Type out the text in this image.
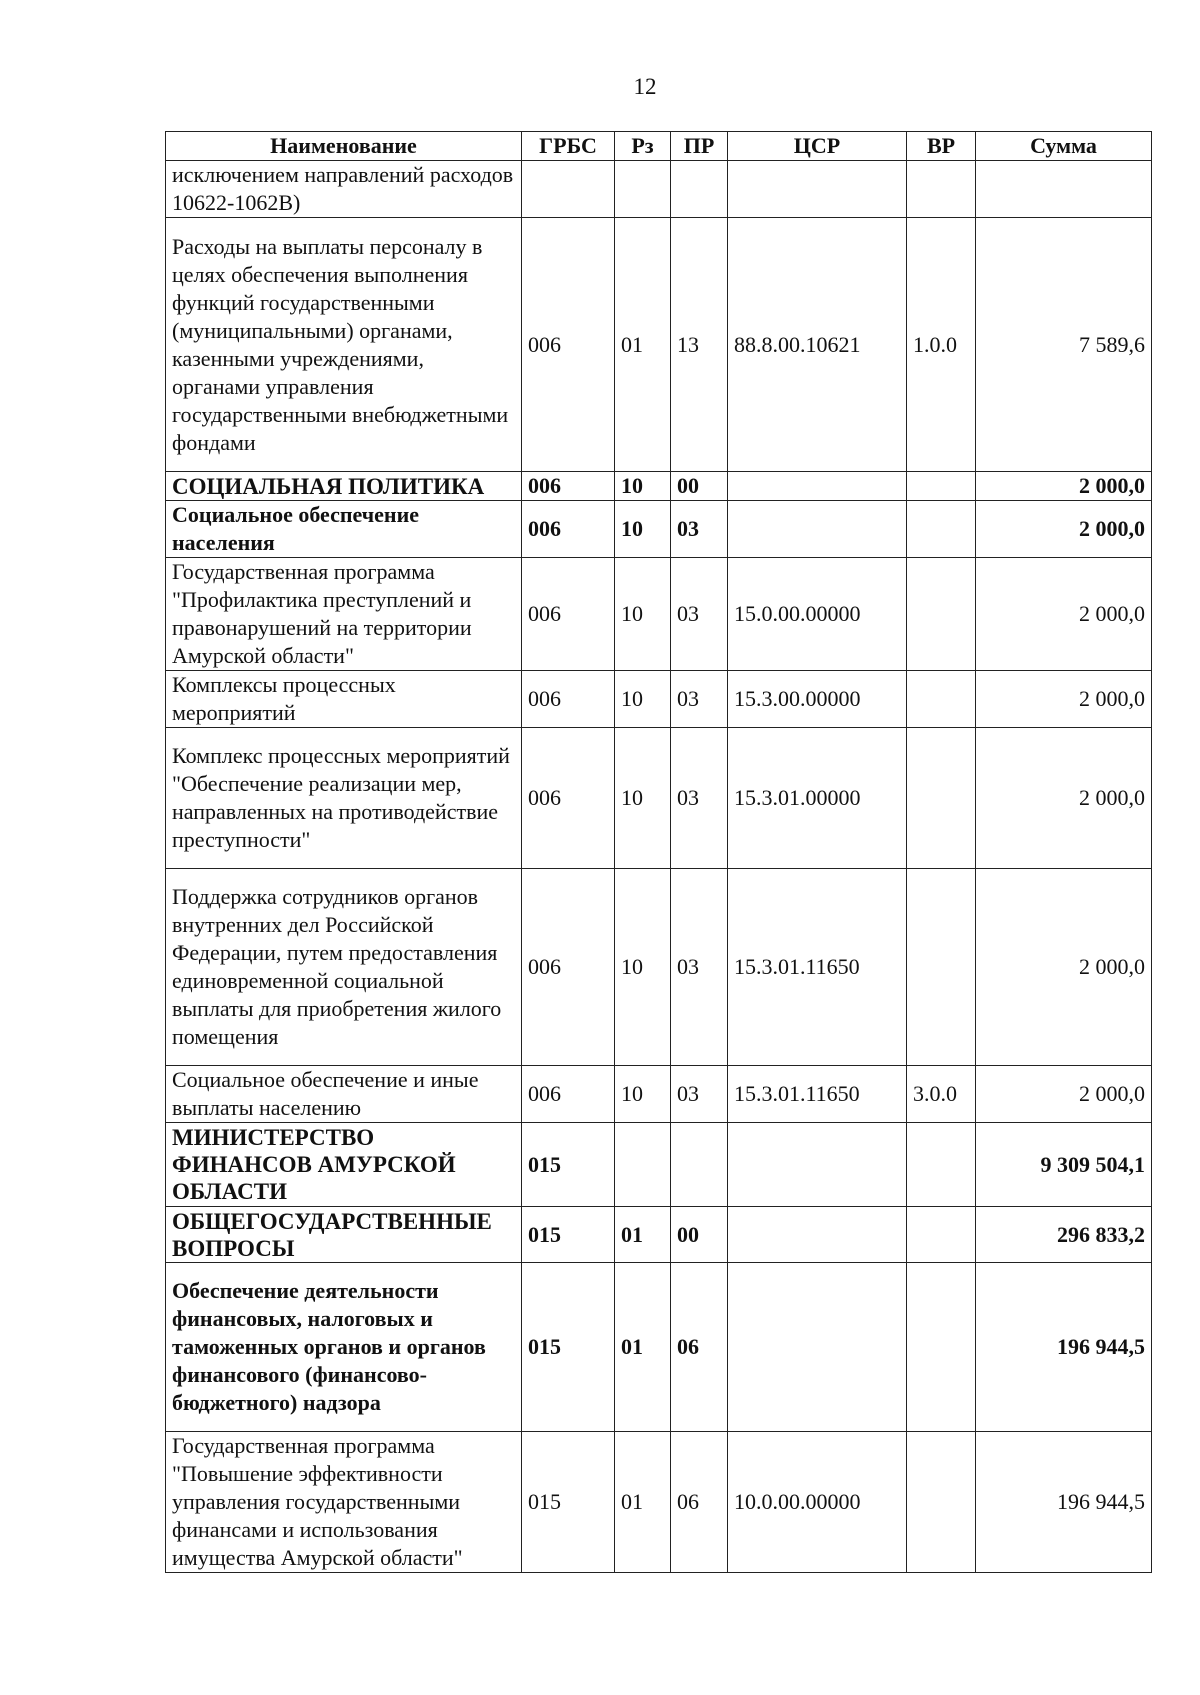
12
Наименование	ГРБС	Рз	ПР	ЦСР	ВР	Сумма
исключением направлений расходов 10622-1062В)						
Расходы на выплаты персоналу в целях обеспечения выполнения функций государственными (муниципальными) органами, казенными учреждениями, органами управления государственными внебюджетными фондами	006	01	13	88.8.00.10621	1.0.0	7 589,6
СОЦИАЛЬНАЯ ПОЛИТИКА	006	10	00			2 000,0
Социальное обеспечение населения	006	10	03			2 000,0
Государственная программа "Профилактика преступлений и правонарушений на территории Амурской области"	006	10	03	15.0.00.00000		2 000,0
Комплексы процессных мероприятий	006	10	03	15.3.00.00000		2 000,0
Комплекс процессных мероприятий "Обеспечение реализации мер, направленных на противодействие преступности"	006	10	03	15.3.01.00000		2 000,0
Поддержка сотрудников органов внутренних дел Российской Федерации, путем предоставления единовременной социальной выплаты для приобретения жилого помещения	006	10	03	15.3.01.11650		2 000,0
Социальное обеспечение и иные выплаты населению	006	10	03	15.3.01.11650	3.0.0	2 000,0
МИНИСТЕРСТВО ФИНАНСОВ АМУРСКОЙ ОБЛАСТИ	015					9 309 504,1
ОБЩЕГОСУДАРСТВЕННЫЕ ВОПРОСЫ	015	01	00			296 833,2
Обеспечение деятельности финансовых, налоговых и таможенных органов и органов финансового (финансово-бюджетного) надзора	015	01	06			196 944,5
Государственная программа "Повышение эффективности управления государственными финансами и использования имущества Амурской области"	015	01	06	10.0.00.00000		196 944,5
